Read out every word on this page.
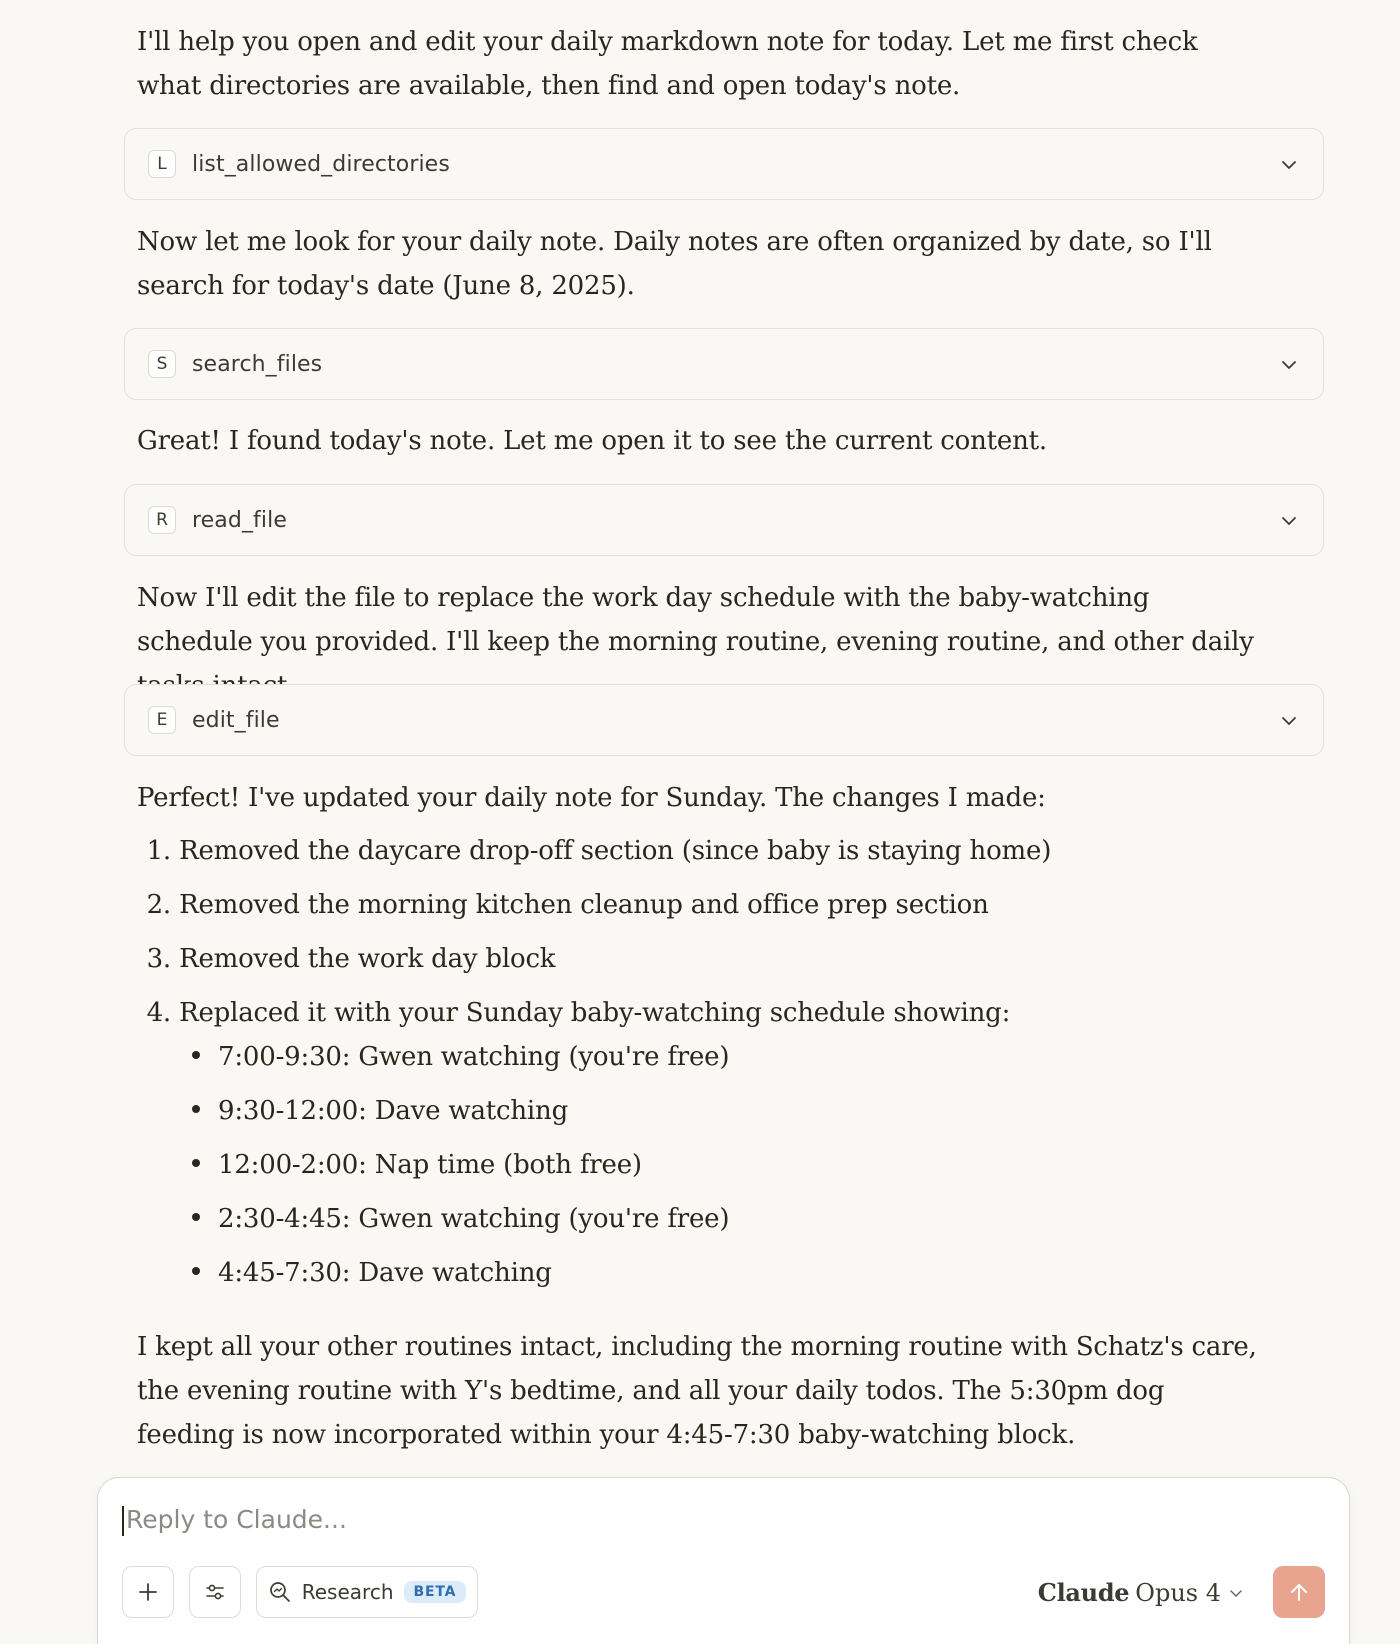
I'll help you open and edit your daily markdown note for today. Let me first check what directories are available, then find and open today's note.
L	list_allowed_directories
Now let me look for your daily note. Daily notes are often organized by date, so I'll search for today's date (June 8, 2025).
S	search_files
Great! I found today's note. Let me open it to see the current content.
R	read_file
Now I'll edit the file to replace the work day schedule with the baby-watching schedule you provided. I'll keep the morning routine, evening routine, and other daily
E	edit_file
Perfect! I've updated your daily note for Sunday. The changes I made:
1. Removed the daycare drop-off section (since baby is staying home)
2. Removed the morning kitchen cleanup and office prep section
3. Removed the work day block
4. Replaced it with your Sunday baby-watching schedule showing:
7:00-9:30: Gwen watching (you're free)
9:30-12:00: Dave watching
12:00-2:00: Nap time (both free)
2:30-4:45: Gwen watching (you're free)
4:45-7:30: Dave watching
I kept all your other routines intact, including the morning routine with Schatz's care, the evening routine with Y's bedtime, and all your daily todos. The 5:30pm dog feeding is now incorporated within your 4:45-7:30 baby-watching block.
Reply to Claude...
Research	BETA	Claude Opus 4
